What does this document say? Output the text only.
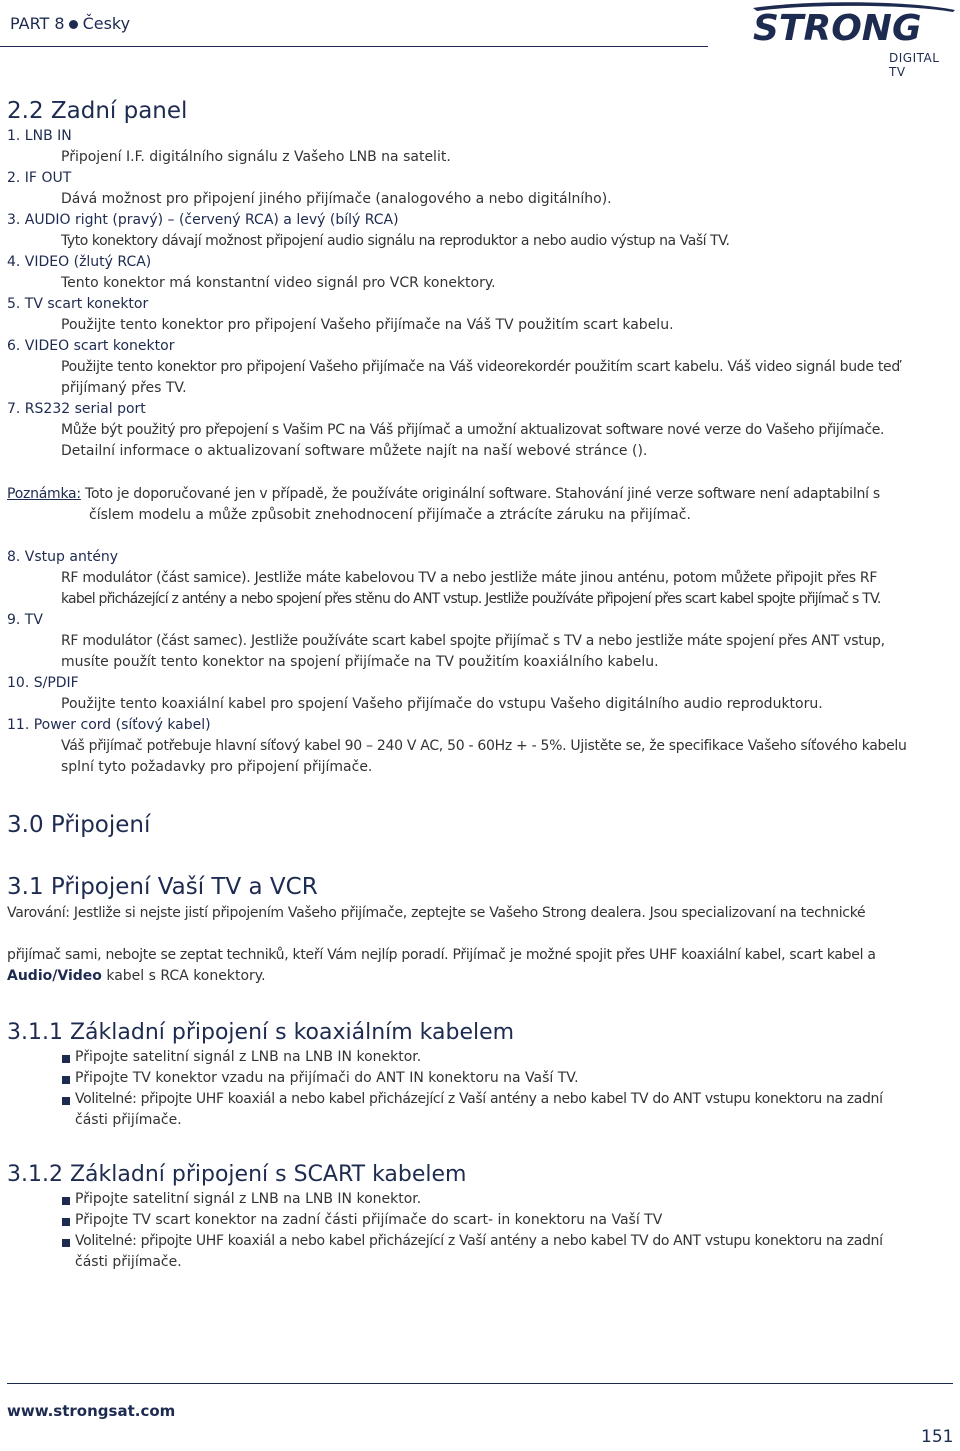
PART 8 Česky	STRONG
DIGITAL TV
2.2 Zadní panel
1. LNB IN
Připojení I.F. digitálního signálu z Vašeho LNB na satelit.
2. IF OUT
Dává možnost pro připojení jiného přijímače (analogového a nebo digitálního).
3. AUDIO right (pravý) – (červený RCA) a levý (bílý RCA)
Tyto konektory dávají možnost připojení audio signálu na reproduktor a nebo audio výstup na Vaší TV.
4. VIDEO (žlutý RCA)
Tento konektor má konstantní video signál pro VCR konektory.
5. TV scart konektor
Použijte tento konektor pro připojení Vašeho přijímače na Váš TV použitím scart kabelu.
6. VIDEO scart konektor
Použijte tento konektor pro připojení Vašeho přijímače na Váš videorekordér použitím scart kabelu. Váš video signál bude teď
přijímaný přes TV.
7. RS232 serial port
Může být použitý pro přepojení s Vašim PC na Váš přijímač a umožní aktualizovat software nové verze do Vašeho přijímače.
Detailní informace o aktualizovaní software můžete najít na naší webové stránce ().
Poznámka: Toto je doporučované jen v případě, že používáte originální software. Stahování jiné verze software není adaptabilní s
číslem modelu a může způsobit znehodnocení přijímače a ztrácíte záruku na přijímač.
8. Vstup antény
RF modulátor (část samice). Jestliže máte kabelovou TV a nebo jestliže máte jinou anténu, potom můžete připojit přes RF
kabel přicházející z antény a nebo spojení přes stěnu do ANT vstup. Jestliže používáte připojení přes scart kabel spojte přijímač s TV.
9. TV
RF modulátor (část samec). Jestliže používáte scart kabel spojte přijímač s TV a nebo jestliže máte spojení přes ANT vstup,
musíte použít tento konektor na spojení přijímače na TV použitím koaxiálního kabelu.
10. S/PDIF
Použijte tento koaxiální kabel pro spojení Vašeho přijímače do vstupu Vašeho digitálního audio reproduktoru.
11. Power cord (síťový kabel)
Váš přijímač potřebuje hlavní síťový kabel 90 – 240 V AC, 50 - 60Hz + - 5%. Ujistěte se, že specifikace Vašeho síťového kabelu
splní tyto požadavky pro připojení přijímače.
3.0 Připojení
3.1 Připojení Vaší TV a VCR
Varování: Jestliže si nejste jistí připojením Vašeho přijímače, zeptejte se Vašeho Strong dealera. Jsou specializovaní na technické
přijímač sami, nebojte se zeptat techniků, kteří Vám nejlíp poradí. Přijímač je možné spojit přes UHF koaxiální kabel, scart kabel a
Audio/Video kabel s RCA konektory.
3.1.1 Základní připojení s koaxiálním kabelem
Připojte satelitní signál z LNB na LNB IN konektor.
Připojte TV konektor vzadu na přijímači do ANT IN konektoru na Vaší TV.
Volitelné: připojte UHF koaxiál a nebo kabel přicházející z Vaší antény a nebo kabel TV do ANT vstupu konektoru na zadní
části přijímače.
3.1.2 Základní připojení s SCART kabelem
Připojte satelitní signál z LNB na LNB IN konektor.
Připojte TV scart konektor na zadní části přijímače do scart- in konektoru na Vaší TV
Volitelné: připojte UHF koaxiál a nebo kabel přicházející z Vaší antény a nebo kabel TV do ANT vstupu konektoru na zadní
části přijímače.
www.strongsat.com
151
